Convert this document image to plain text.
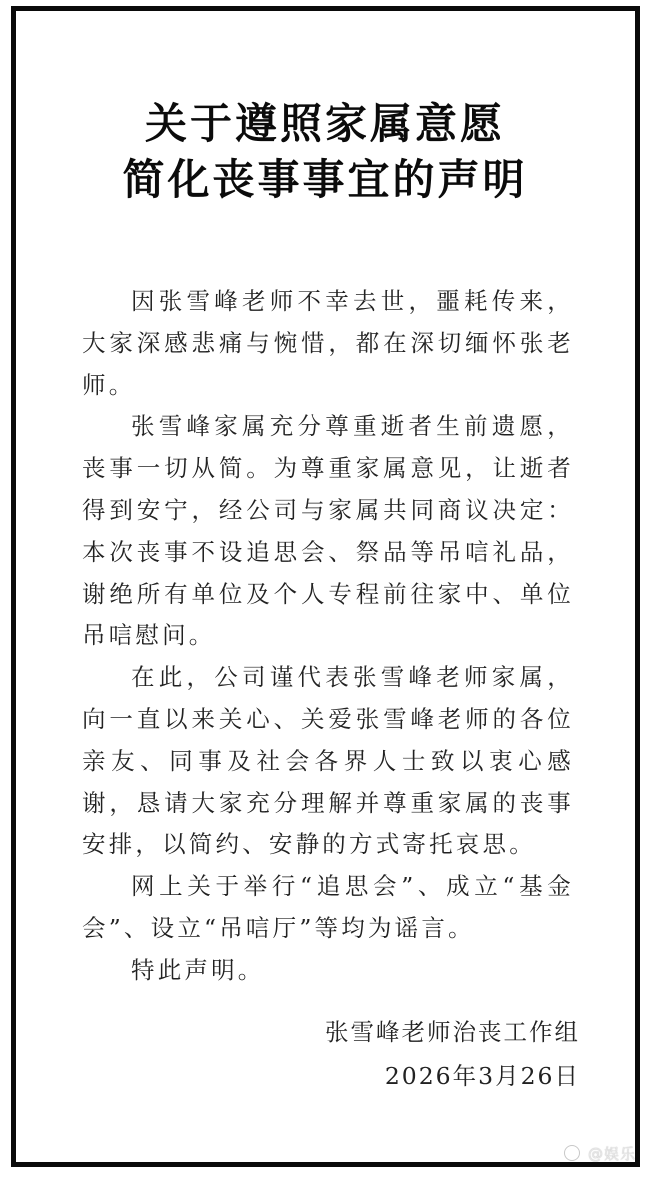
关于遵照家属意愿
简化丧事事宜的声明

因张雪峰老师不幸去世，噩耗传来，大家深感悲痛与惋惜，都在深切缅怀张老师。

张雪峰家属充分尊重逝者生前遗愿，丧事一切从简。为尊重家属意见，让逝者得到安宁，经公司与家属共同商议决定：本次丧事不设追思会、祭品等吊唁礼品，谢绝所有单位及个人专程前往家中、单位吊唁慰问。

在此，公司谨代表张雪峰老师家属，向一直以来关心、关爱张雪峰老师的各位亲友、同事及社会各界人士致以衷心感谢，恳请大家充分理解并尊重家属的丧事安排，以简约、安静的方式寄托哀思。

网上关于举行“追思会”、成立“基金会”、设立“吊唁厅”等均为谣言。

特此声明。

张雪峰老师治丧工作组
2026年3月26日
@娱乐
